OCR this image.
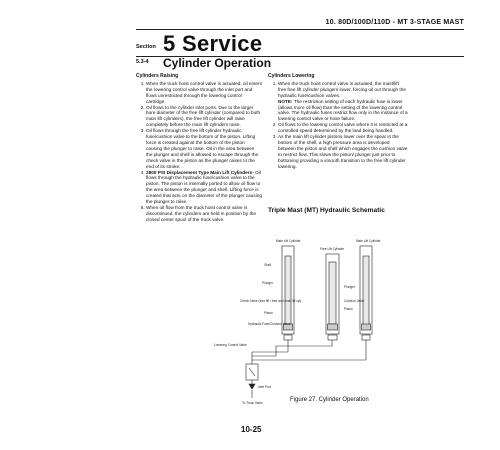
10. 80D/100D/110D - MT 3-STAGE MAST
Section 5 Service
5.3-4 Cylinder Operation
Cylinders Raising
1. When the truck hoist control valve is actuated, oil enters the lowering control valve through the inlet port and flows unrestricted through the lowering control cartridge.
2. Oil flows to the cylinder inlet ports. Due to the larger bore diameter of the free lift cylinder (compared to both main lift cylinders), the free lift cylinder will raise completely before the main lift cylinders raise.
3. Oil flows through the free lift cylinder hydraulic fuse/cushion valve to the bottom of the piston. Lifting force is created against the bottom of the piston causing the plunger to raise. Oil in the area between the plunger and shell is allowed to escape through the check valve in the piston as the plunger raises to the end of its stroke.
4. 2800 PSI Displacement Type Main Lift Cylinders- Oil flows through the hydraulic fuse/cushion valve to the piston. The piston is internally ported to allow oil flow to the area between the plunger and shell. Lifting force is created that acts on the diameter of the plunger causing the plunger to raise.
5. When oil flow from the truck hoist control valve is discontinued, the cylinders are held in position by the closed center spool of the truck valve.
Cylinders Lowering
1. When the truck hoist control valve is actuated, the mast/lift free free lift cylinder plungers lower, forcing oil out through the hydraulic fuse/cushion valves.
NOTE: The restriction setting of each hydraulic fuse is lower (allows more oil flow) than the setting of the lowering control valve. The hydraulic fuses restrict flow only in the instance of a lowering control valve or hose failure.
2. Oil flows to the lowering control valve where it is restricted at a controlled speed determined by the load being handled.
3. As the main lift cylinder pistons lower over the spear in the bottom of the shell, a high pressure area is developed between the piston and shell which engages the cushion valve to restrict flow. This slows the piston/ plunger just prior to bottoming providing a smooth transition to the free lift cylinder lowering.
Triple Mast (MT) Hydraulic Schematic
Main Lift Cylinder
Free Lift Cylinder
Main Lift Cylinder
Shell
Plunger
Check Valve (free lift / free and main lift cyl)
Piston
Hydraulic Fuse/Cushion Valve
Plunger
Piston
Cushion Valve
Lowering Control Valve
Inlet Port
To Truck Valve	Figure 27. Cylinder Operation
10-25
